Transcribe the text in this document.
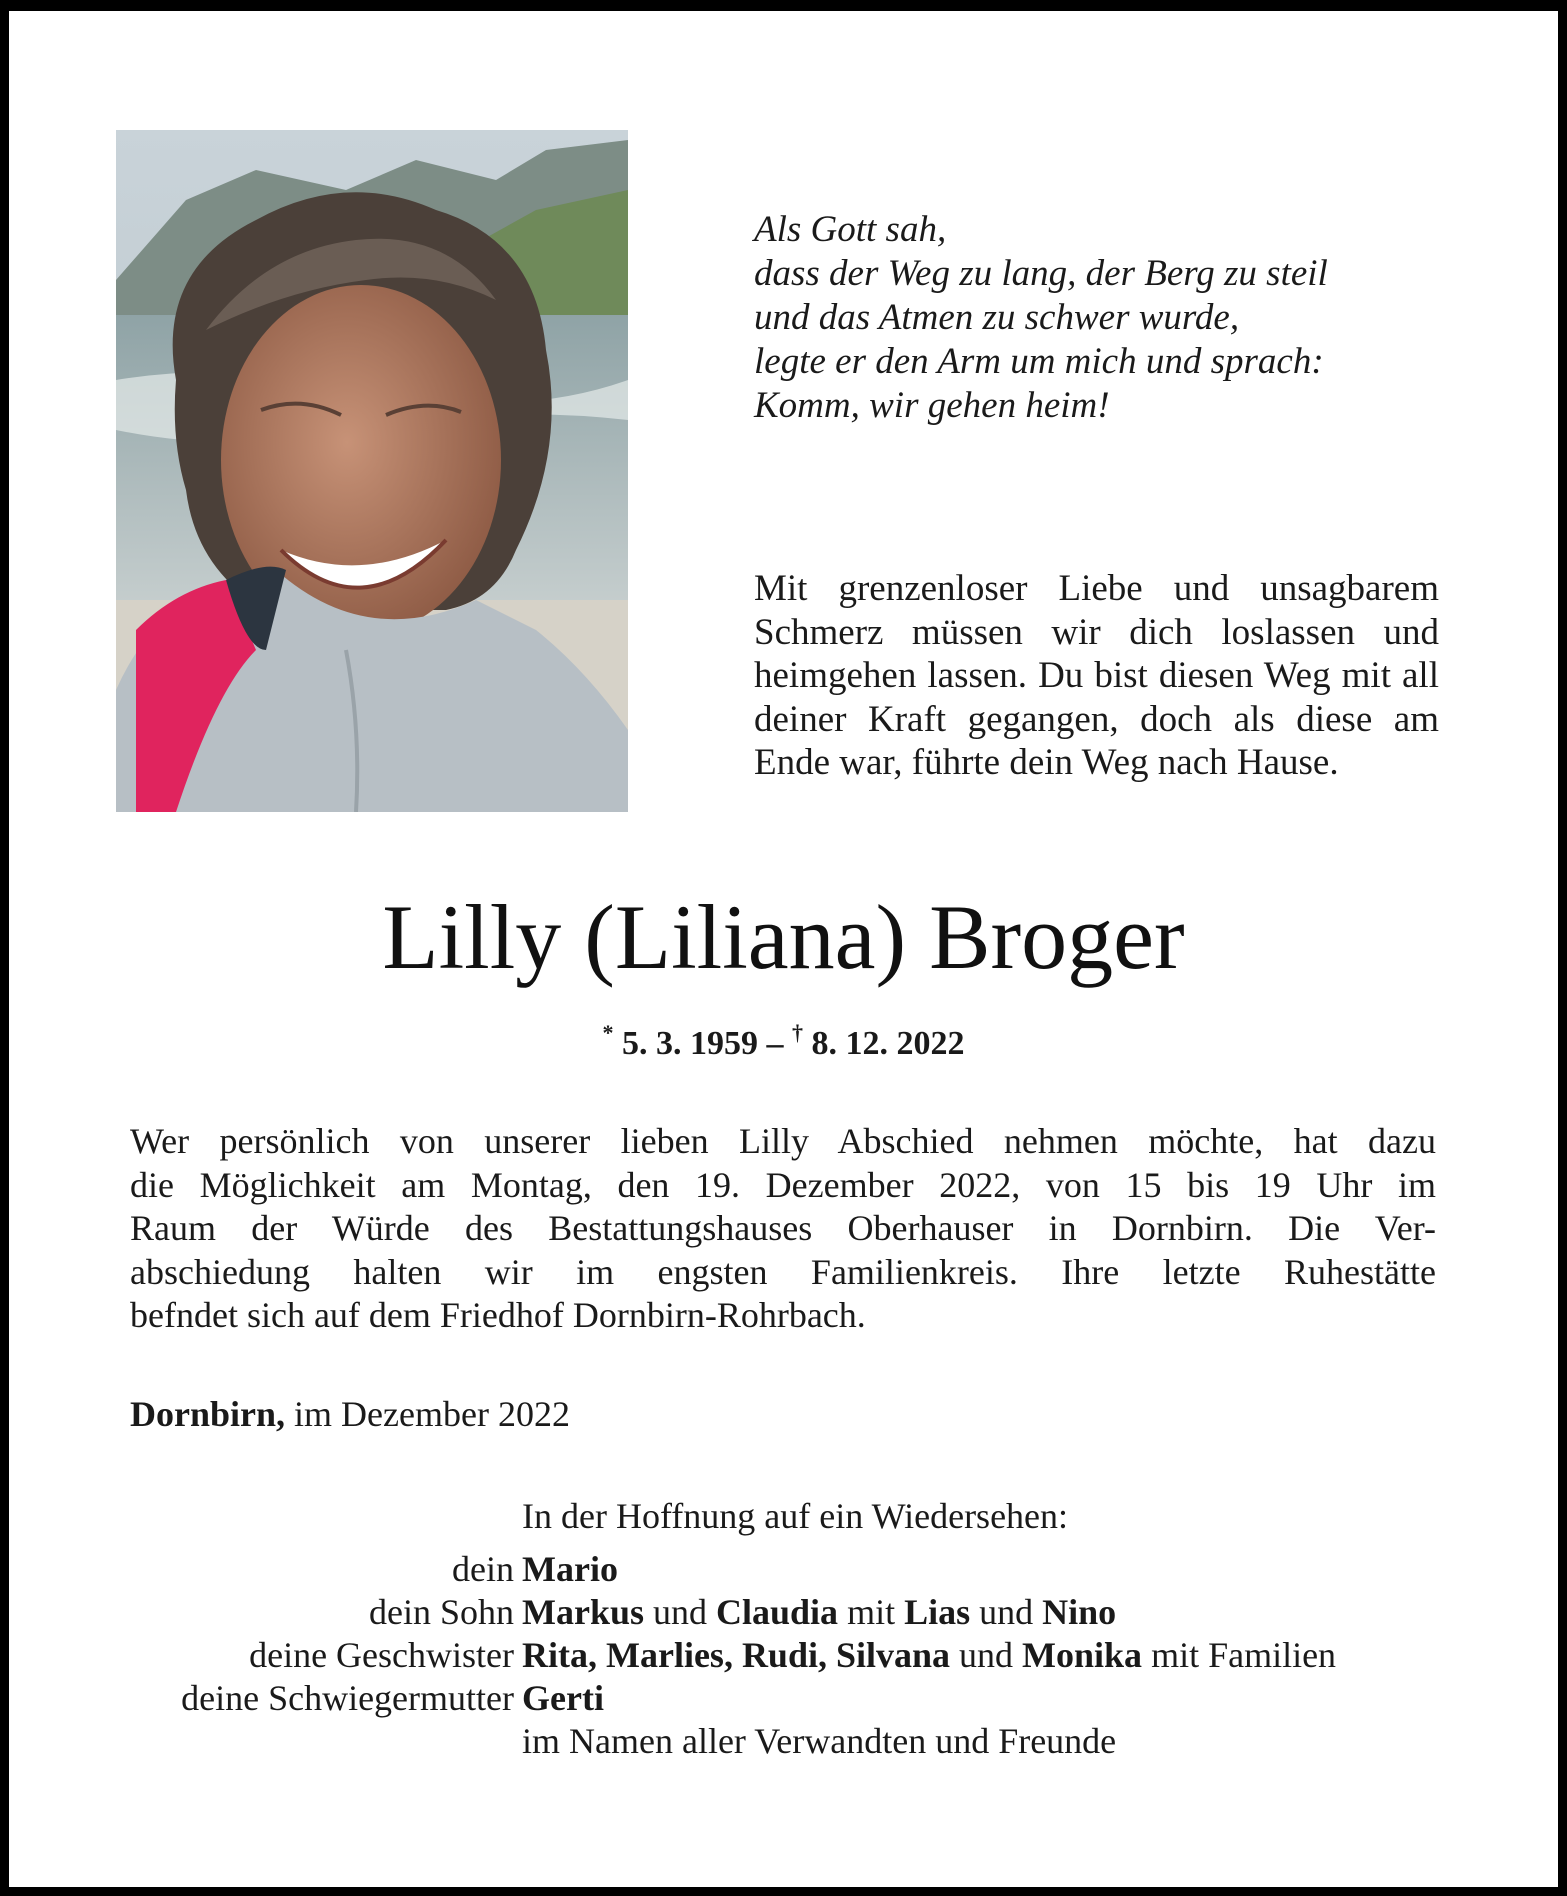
Als Gott sah,
dass der Weg zu lang, der Berg zu steil
und das Atmen zu schwer wurde,
legte er den Arm um mich und sprach:
Komm, wir gehen heim!
Mit grenzenloser Liebe und unsagbarem Schmerz müssen wir dich loslassen und heimgehen lassen. Du bist diesen Weg mit all deiner Kraft gegangen, doch als diese am Ende war, führte dein Weg nach Hause.
Lilly (Liliana) Broger
* 5. 3. 1959 – † 8. 12. 2022
Wer persönlich von unserer lieben Lilly Abschied nehmen möchte, hat dazu
die Möglichkeit am Montag, den 19. Dezember 2022, von 15 bis 19 Uhr im
Raum der Würde des Bestattungshauses Oberhauser in Dornbirn. Die Ver-
abschiedung halten wir im engsten Familienkreis. Ihre letzte Ruhestätte
befndet sich auf dem Friedhof Dornbirn-Rohrbach.
Dornbirn, im Dezember 2022
In der Hoffnung auf ein Wiedersehen:
dein Mario
dein Sohn Markus und Claudia mit Lias und Nino
deine Geschwister Rita, Marlies, Rudi, Silvana und Monika mit Familien
deine Schwiegermutter Gerti
im Namen aller Verwandten und Freunde
